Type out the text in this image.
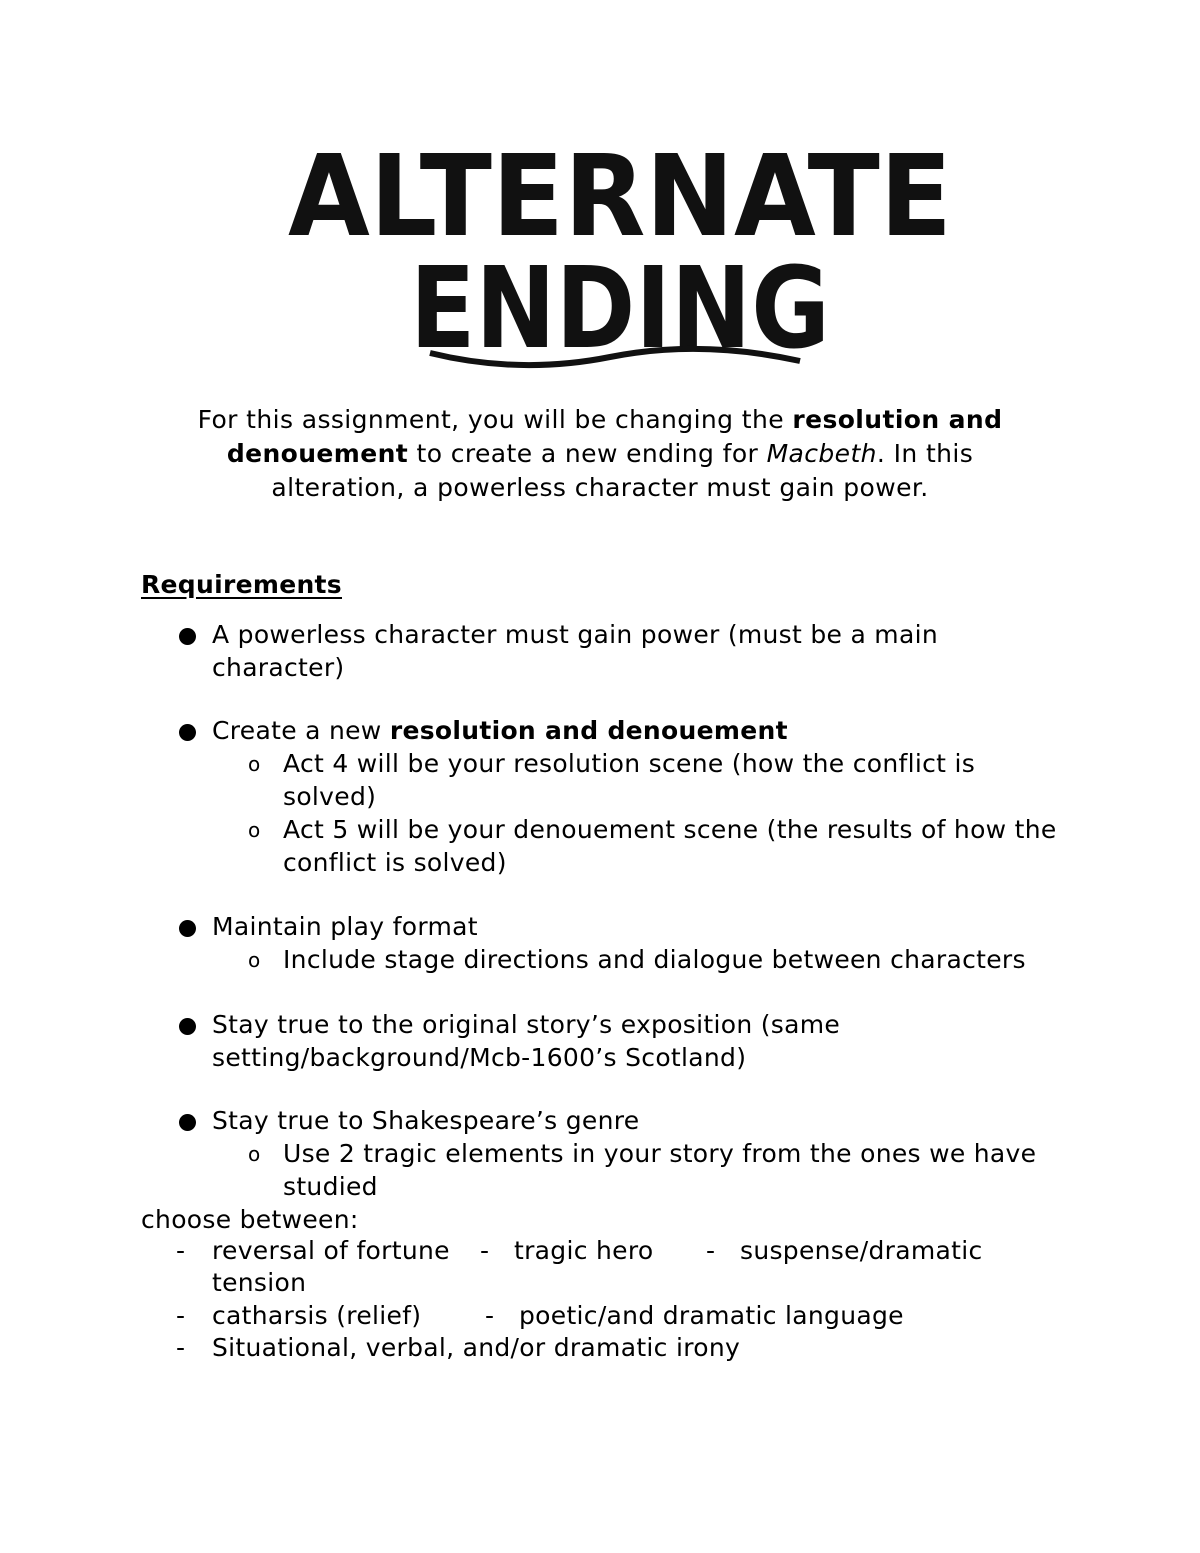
ALTERNATE
ENDING
For this assignment, you will be changing the resolution and
denouement to create a new ending for Macbeth. In this
alteration, a powerless character must gain power.
Requirements
A powerless character must gain power (must be a main
character)
Create a new resolution and denouement
o Act 4 will be your resolution scene (how the conflict is
solved)
o Act 5 will be your denouement scene (the results of how the
conflict is solved)
Maintain play format
o Include stage directions and dialogue between characters
Stay true to the original story’s exposition (same
setting/background/Mcb-1600’s Scotland)
Stay true to Shakespeare’s genre
o Use 2 tragic elements in your story from the ones we have
studied
choose between:
- reversal of fortune - tragic hero - suspense/dramatic
tension
- catharsis (relief)	- poetic/and dramatic language
- Situational, verbal, and/or dramatic irony
